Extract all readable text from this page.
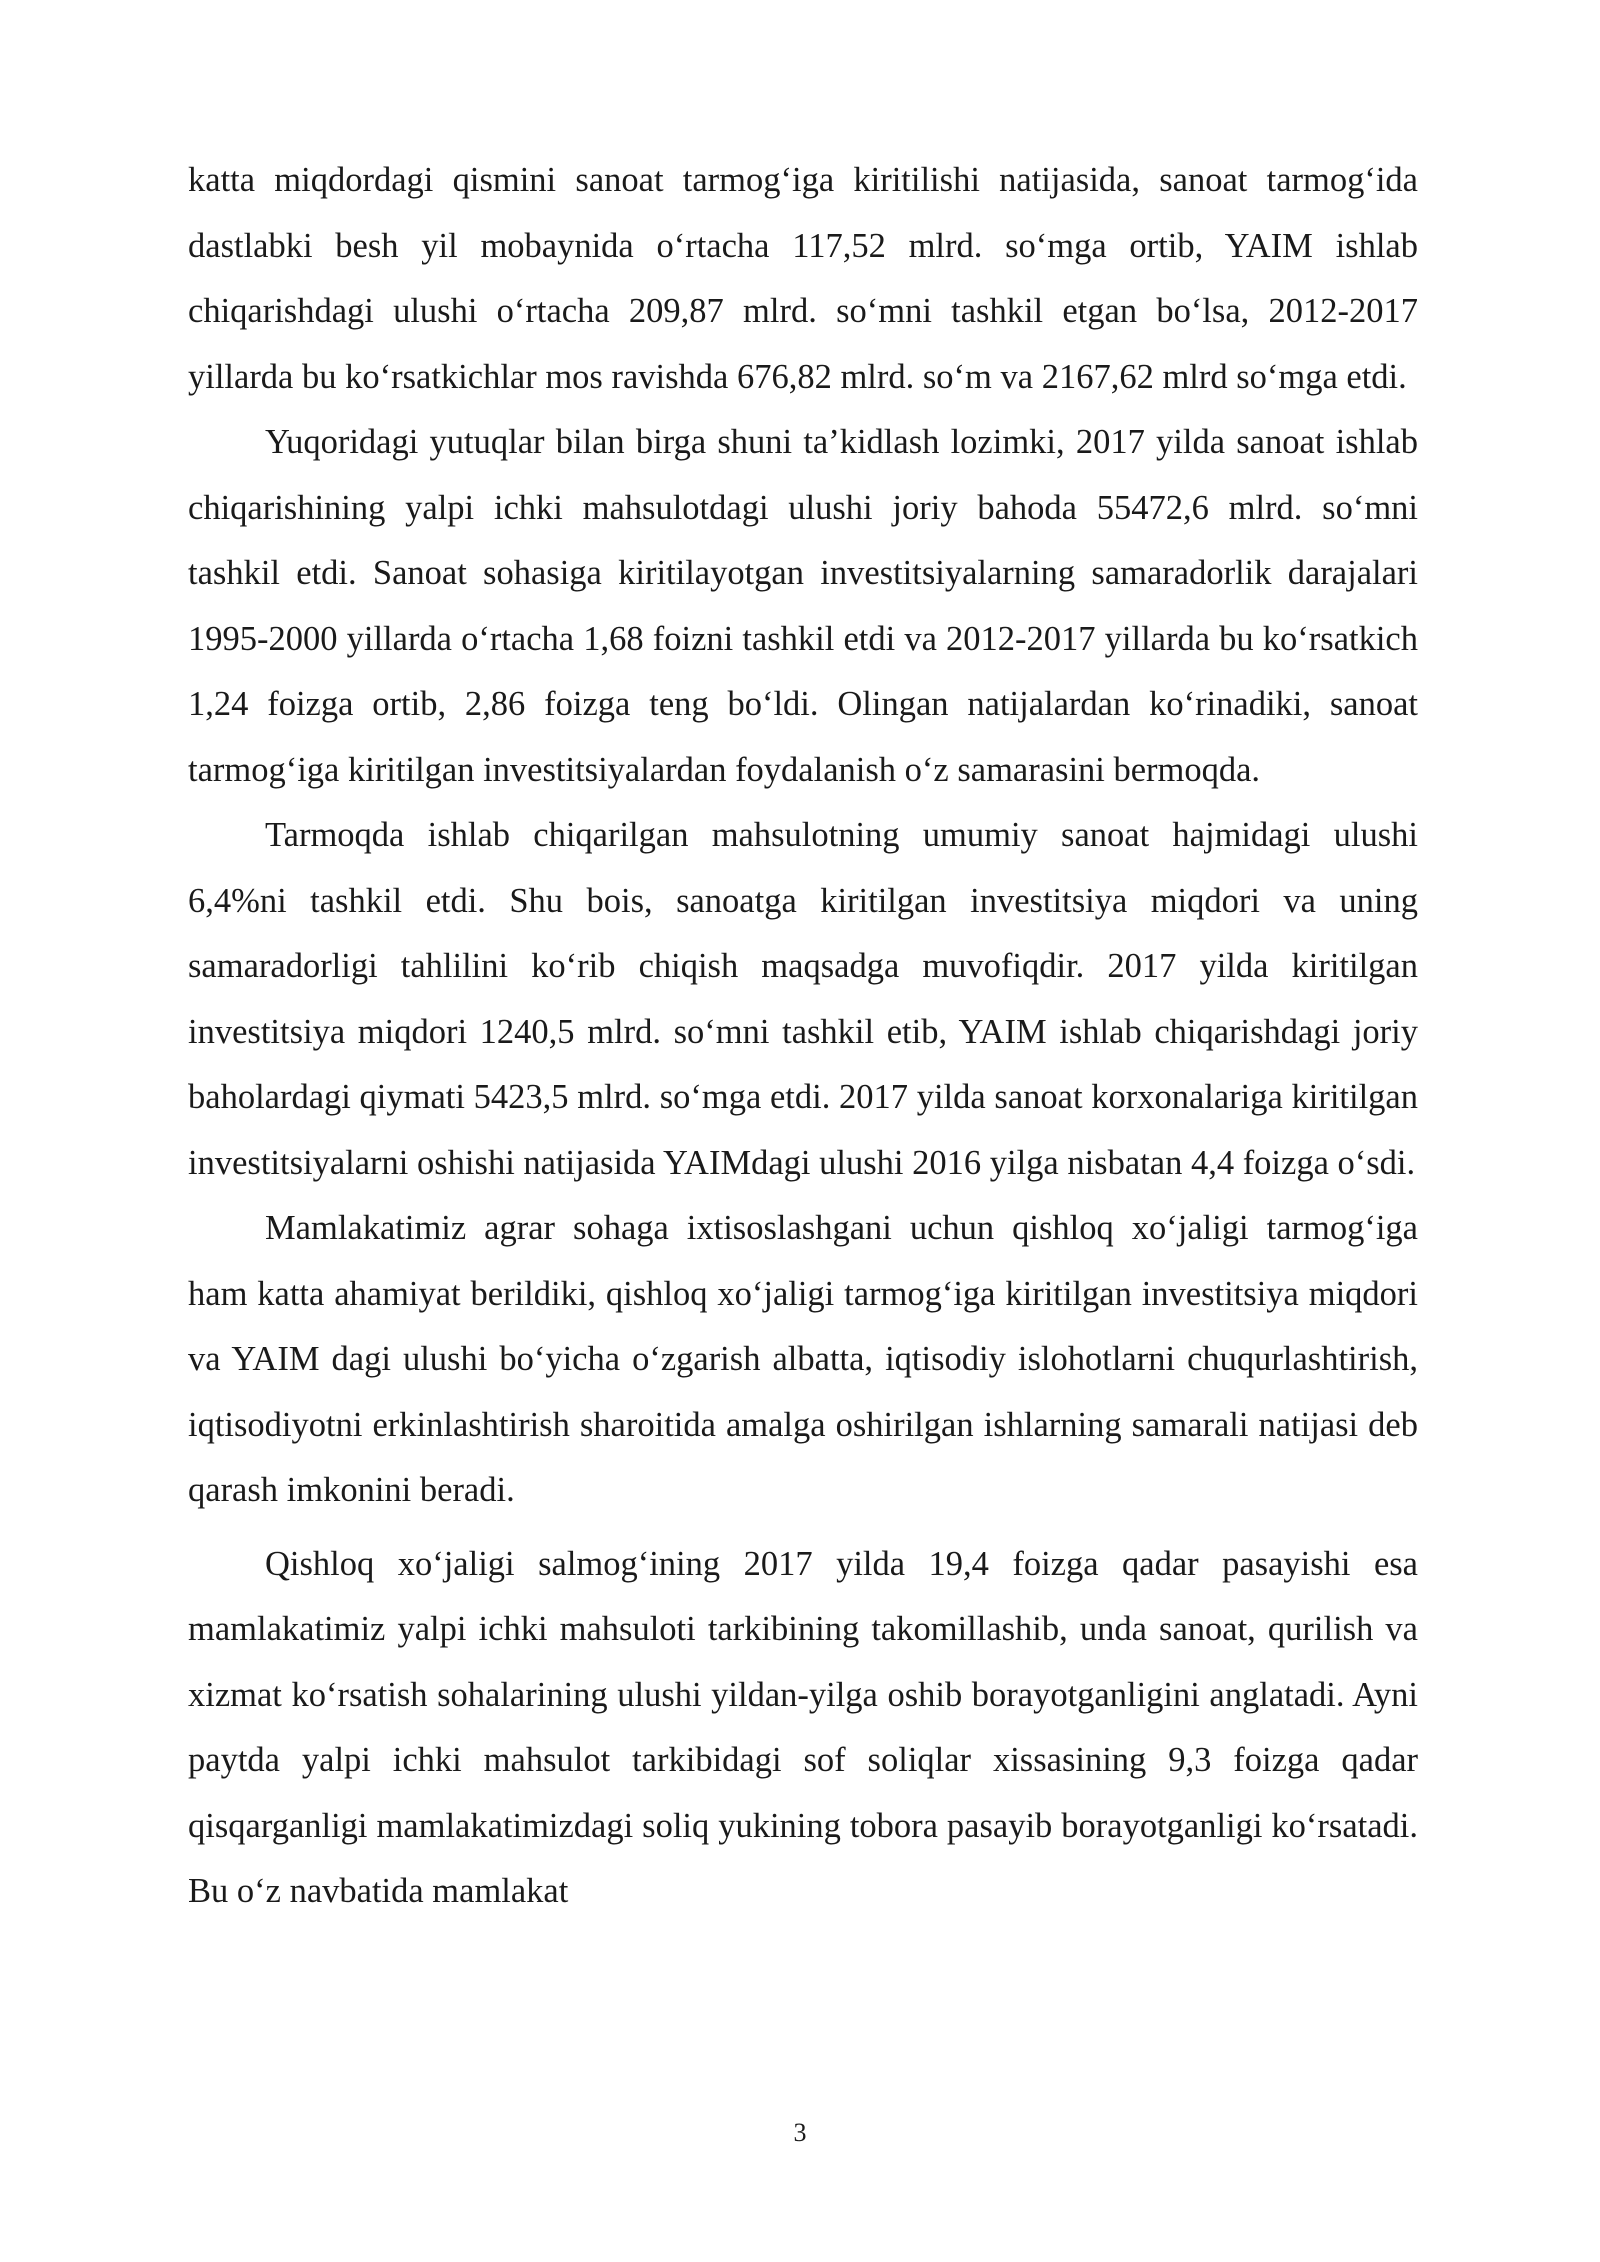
katta miqdordagi qismini sanoat tarmog‘iga kiritilishi natijasida, sanoat tarmog‘ida dastlabki besh yil mobaynida o‘rtacha 117,52 mlrd. so‘mga ortib, YAIM ishlab chiqarishdagi ulushi o‘rtacha 209,87 mlrd. so‘mni tashkil etgan bo‘lsa, 2012-2017 yillarda bu ko‘rsatkichlar mos ravishda 676,82 mlrd. so‘m va 2167,62 mlrd so‘mga etdi.

Yuqoridagi yutuqlar bilan birga shuni ta’kidlash lozimki, 2017 yilda sanoat ishlab chiqarishining yalpi ichki mahsulotdagi ulushi joriy bahoda 55472,6 mlrd. so‘mni tashkil etdi. Sanoat sohasiga kiritilayotgan investitsiyalarning samaradorlik darajalari 1995-2000 yillarda o‘rtacha 1,68 foizni tashkil etdi va 2012-2017 yillarda bu ko‘rsatkich 1,24 foizga ortib, 2,86 foizga teng bo‘ldi. Olingan natijalardan ko‘rinadiki, sanoat tarmog‘iga kiritilgan investitsiyalardan foydalanish o‘z samarasini bermoqda.

Tarmoqda ishlab chiqarilgan mahsulotning umumiy sanoat hajmidagi ulushi 6,4%ni tashkil etdi. Shu bois, sanoatga kiritilgan investitsiya miqdori va uning samaradorligi tahlilini ko‘rib chiqish maqsadga muvofiqdir. 2017 yilda kiritilgan investitsiya miqdori 1240,5 mlrd. so‘mni tashkil etib, YAIM ishlab chiqarishdagi joriy baholardagi qiymati 5423,5 mlrd. so‘mga etdi. 2017 yilda sanoat korxonalariga kiritilgan investitsiyalarni oshishi natijasida YAIMdagi ulushi 2016 yilga nisbatan 4,4 foizga o‘sdi.

Mamlakatimiz agrar sohaga ixtisoslashgani uchun qishloq xo‘jaligi tarmog‘iga ham katta ahamiyat berildiki, qishloq xo‘jaligi tarmog‘iga kiritilgan investitsiya miqdori va YAIM dagi ulushi bo‘yicha o‘zgarish albatta, iqtisodiy islohotlarni chuqurlashtirish, iqtisodiyotni erkinlashtirish sharoitida amalga oshirilgan ishlarning samarali natijasi deb qarash imkonini beradi.

Qishloq xo‘jaligi salmog‘ining 2017 yilda 19,4 foizga qadar pasayishi esa mamlakatimiz yalpi ichki mahsuloti tarkibining takomillashib, unda sanoat, qurilish va xizmat ko‘rsatish sohalarining ulushi yildan-yilga oshib borayotganligini anglatadi. Ayni paytda yalpi ichki mahsulot tarkibidagi sof soliqlar xissasining 9,3 foizga qadar qisqarganligi mamlakatimizdagi soliq yukining tobora pasayib borayotganligi ko‘rsatadi. Bu o‘z navbatida mamlakat

3
